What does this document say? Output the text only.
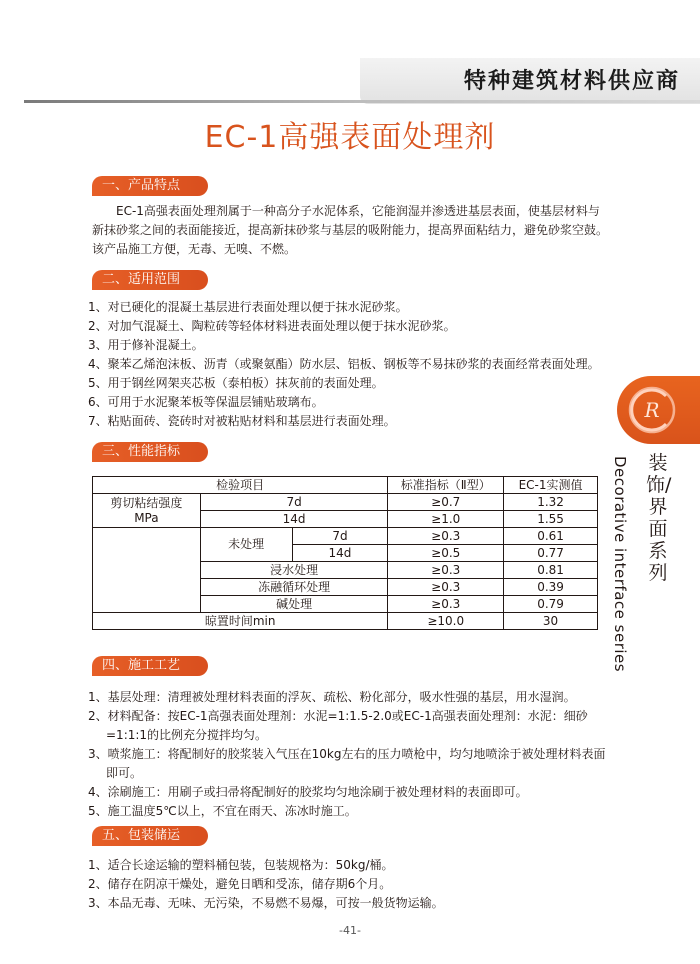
特种建筑材料供应商
EC-1高强表面处理剂
一、产品特点

EC-1高强表面处理剂属于一种高分子水泥体系，它能润湿并渗透进基层表面，使基层材料与

新抹砂浆之间的表面能接近，提高新抹砂浆与基层的吸附能力，提高界面粘结力，避免砂浆空鼓。

该产品施工方便，无毒、无嗅、不燃。

二、适用范围
1、对已硬化的混凝土基层进行表面处理以便于抹水泥砂浆。
2、对加气混凝土、陶粒砖等轻体材料进表面处理以便于抹水泥砂浆。
3、用于修补混凝土。
4、聚苯乙烯泡沫板、沥青（或聚氨酯）防水层、铝板、钢板等不易抹砂浆的表面经常表面处理。
5、用于钢丝网架夹芯板（泰柏板）抹灰前的表面处理。
6、可用于水泥聚苯板等保温层铺贴玻璃布。
7、粘贴面砖、瓷砖时对被粘贴材料和基层进行表面处理。
三、性能指标
检验项目			标准指标（Ⅱ型）	EC-1实测值
剪切粘结强度
MPa	7d		≥0.7	1.32
	14d		≥1.0	1.55
	未处理	7d	≥0.3	0.61
		14d	≥0.5	0.77
	浸水处理		≥0.3	0.81
	冻融循环处理		≥0.3	0.39
	碱处理		≥0.3	0.79
晾置时间min			≥10.0	30
四、施工工艺
1、基层处理：清理被处理材料表面的浮灰、疏松、粉化部分，吸水性强的基层，用水湿润。
2、材料配备：按EC-1高强表面处理剂：水泥=1:1.5-2.0或EC-1高强表面处理剂：水泥：细砂
=1:1:1的比例充分搅拌均匀。
3、喷浆施工：将配制好的胶浆装入气压在10kg左右的压力喷枪中，均匀地喷涂于被处理材料表面
即可。
4、涂刷施工：用刷子或扫帚将配制好的胶浆均匀地涂刷于被处理材料的表面即可。
5、施工温度5℃以上，不宜在雨天、冻冰时施工。
五、包装储运
1、适合长途运输的塑料桶包装，包装规格为：50kg/桶。
2、储存在阴凉干燥处，避免日晒和受冻，储存期6个月。
3、本品无毒、无味、无污染，不易燃不易爆，可按一般货物运输。
R
装饰/界面系列
Decorative interface series
-41-
